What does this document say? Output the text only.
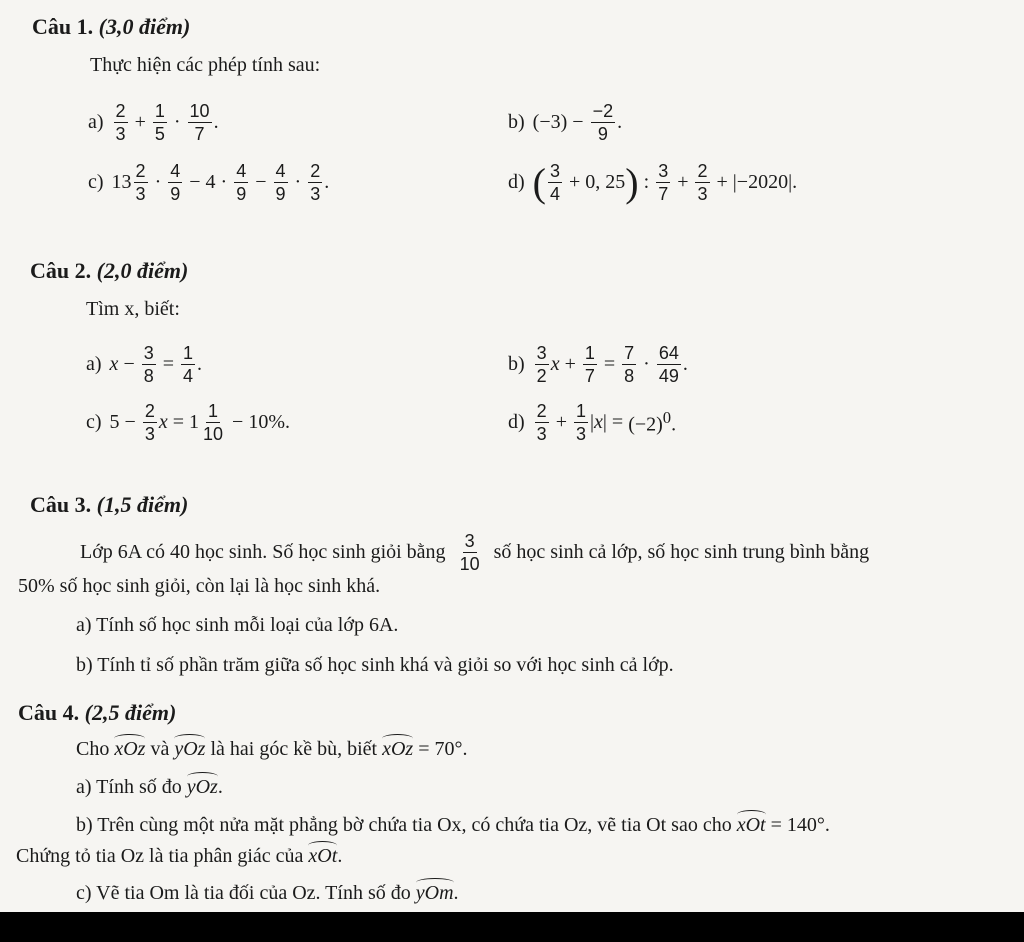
Câu 1. (3,0 điểm)
Thực hiện các phép tính sau:
$a) \frac{2}{3} + \frac{1}{5} \cdot \frac{10}{7}$ .	b) $(-3) - \frac{-2}{9}$ .
c) $13 \frac{2}{3} \cdot \frac{4}{9} - 4 \cdot \frac{4}{9} - \frac{4}{9} \cdot \frac{2}{3}$ .	d) ( $\frac{3}{4} + 0$, 25 ) : $\frac{3}{7} + \frac{2}{3} + |-2020|$.
Câu 2. (2,0 điểm)
Tìm x, biết:
a) $x - \frac{3}{8} = \frac{1}{4}$ .	$b) \frac{3}{2}$ $x + \frac{1}{7} = \frac{7}{8} \cdot \frac{64}{49}$ .
c) $5 - \frac{2}{3}$ $x = 1 \frac{1}{10} - 10\%$.	$d) \frac{2}{3} + \frac{1}{3} |x| = (-2)^0$.
Câu 3. (1,5 điểm)
Lớp 6A có 40 học sinh. Số học sinh giỏi bằng $\frac{3}{10}$ số học sinh cả lớp, số học sinh trung bình bằng
50% số học sinh giỏi, còn lại là học sinh khá.
a) Tính số học sinh mỗi loại của lớp 6A.
b) Tính tỉ số phần trăm giữa số học sinh khá và giỏi so với học sinh cả lớp.
Câu 4. (2,5 điểm)
Cho xOz và yOz là hai góc kề bù, biết xOz = 70°.
a) Tính số đo yOz.
b) Trên cùng một nửa mặt phẳng bờ chứa tia Ox, có chứa tia Oz, vẽ tia Ot sao cho xOt = 140°.
Chứng tỏ tia Oz là tia phân giác của xOt.
c) Vẽ tia Om là tia đối của Oz. Tính số đo yOm.
